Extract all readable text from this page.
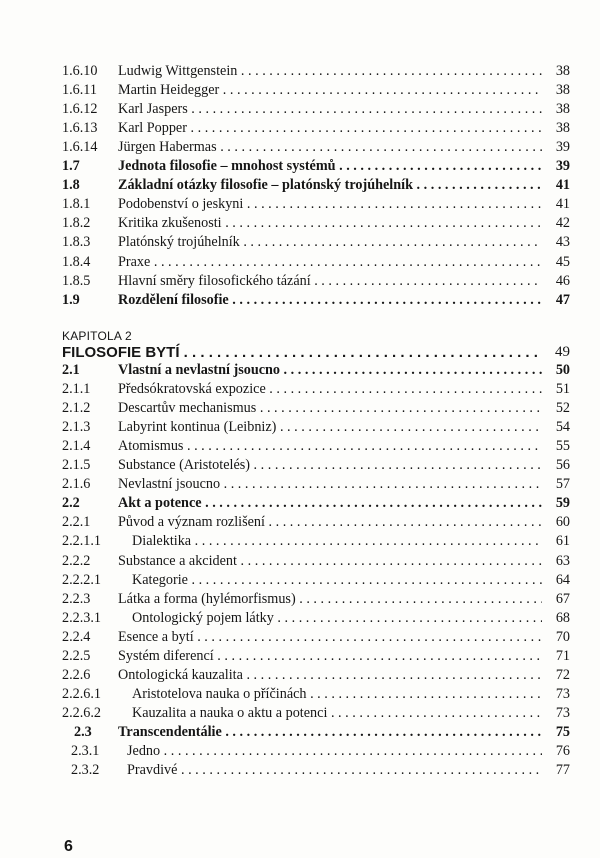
1.6.10 Ludwig Wittgenstein . . .	38
1.6.11 Martin Heidegger . . .	38
1.6.12 Karl Jaspers . . .	38
1.6.13 Karl Popper . . .	38
1.6.14 Jürgen Habermas . . .	39
1.7	Jednota filosofie – mnohost systémů . . .	39
1.8	Základní otázky filosofie – platónský trojúhelník . . .	41
1.8.1 Podobenství o jeskyni . . .	41
1.8.2 Kritika zkušenosti . . .	42
1.8.3 Platónský trojúhelník . . .	43
1.8.4 Praxe . . .	45
1.8.5 Hlavní směry filosofického tázání . . .	46
1.9	Rozdělení filosofie . . .	47
KAPITOLA 2
FILOSOFIE BYTÍ . . .	49
2.1	Vlastní a nevlastní jsoucno . . .	50
2.1.1 Předsókratovská expozice . . .	51
2.1.2 Descartův mechanismus . . .	52
2.1.3 Labyrint kontinua (Leibniz) . . .	54
2.1.4 Atomismus . . .	55
2.1.5 Substance (Aristotelés) . . .	56
2.1.6 Nevlastní jsoucno . . .	57
2.2	Akt a potence . . .	59
2.2.1 Původ a význam rozlišení . . .	60
2.2.1.1 Dialektika . . .	61
2.2.2 Substance a akcident . . .	63
2.2.2.1 Kategorie . . .	64
2.2.3 Látka a forma (hylémorfismus) . . .	67
2.2.3.1 Ontologický pojem látky . . .	68
2.2.4 Esence a bytí . . .	70
2.2.5 Systém diferencí . . .	71
2.2.6 Ontologická kauzalita . . .	72
2.2.6.1 Aristotelova nauka o příčinách . . .	73
2.2.6.2 Kauzalita a nauka o aktu a potenci . . .	73
2.3 Transcendentálie . . .	75
2.3.1 Jedno . . .	76
2.3.2 Pravdivé . . .	77
6
